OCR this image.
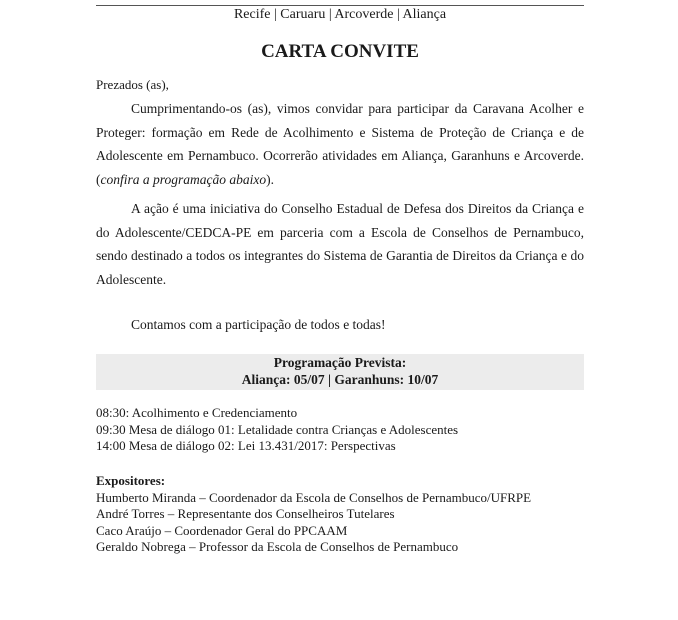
Recife | Caruaru | Arcoverde | Aliança
CARTA CONVITE
Prezados (as),

Cumprimentando-os (as), vimos convidar para participar da Caravana Acolher e Proteger: formação em Rede de Acolhimento e Sistema de Proteção de Criança e de Adolescente em Pernambuco. Ocorrerão atividades em Aliança, Garanhuns e Arcoverde. (confira a programação abaixo).

A ação é uma iniciativa do Conselho Estadual de Defesa dos Direitos da Criança e do Adolescente/CEDCA-PE em parceria com a Escola de Conselhos de Pernambuco, sendo destinado a todos os integrantes do Sistema de Garantia de Direitos da Criança e do Adolescente.

Contamos com a participação de todos e todas!
Programação Prevista:
Aliança: 05/07 | Garanhuns: 10/07
08:30: Acolhimento e Credenciamento
09:30 Mesa de diálogo 01: Letalidade contra Crianças e Adolescentes
14:00 Mesa de diálogo 02: Lei 13.431/2017: Perspectivas
Expositores:
Humberto Miranda – Coordenador da Escola de Conselhos de Pernambuco/UFRPE
André Torres – Representante dos Conselheiros Tutelares
Caco Araújo – Coordenador Geral do PPCAAM
Geraldo Nobrega – Professor da Escola de Conselhos de Pernambuco
